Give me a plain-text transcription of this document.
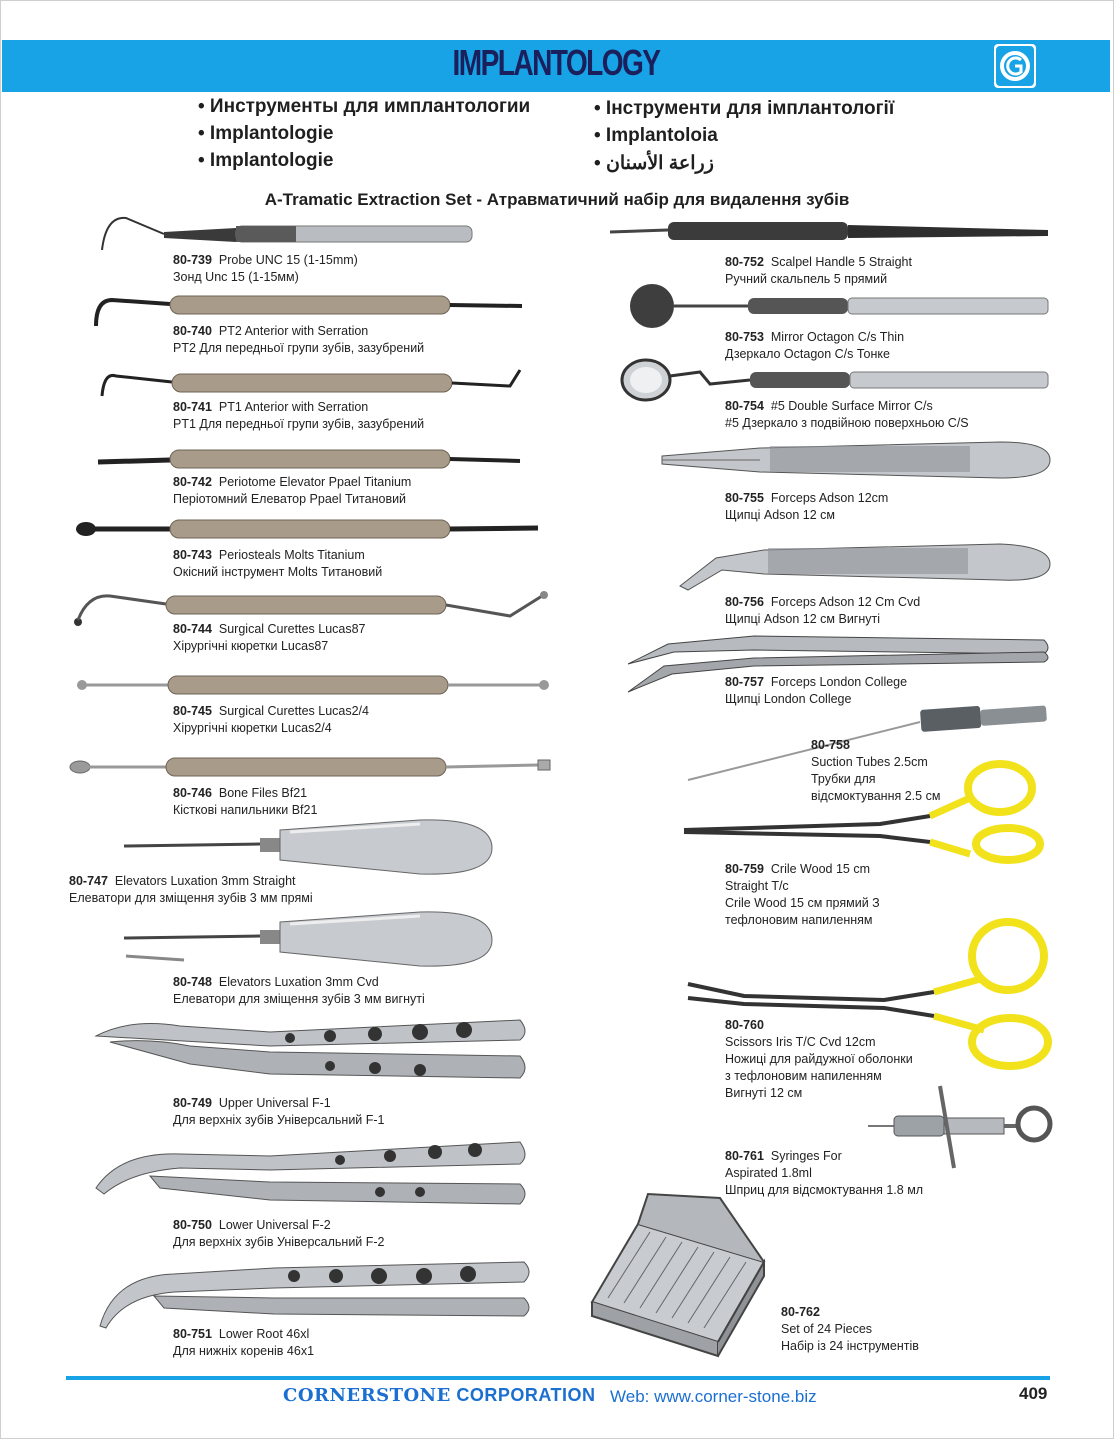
IMPLANTOLOGY
• Инструменты для имплантологии
• Implantologie
• Implantologie
• Інструменти для імплантології
• Implantoloia
• زراعة الأسنان
A-Tramatic Extraction Set - Атравматичний набір для видалення зубів
80-739 Probe UNC 15 (1-15mm)
Зонд Unc 15 (1-15мм)
80-740 PT2 Anterior with Serration
PT2 Для передньої групи зубів, зазубрений
80-741 PT1 Anterior with Serration
PT1 Для передньої групи зубів, зазубрений
80-742 Periotome Elevator Ppael Titanium
Періотомний Елеватор Ppael Титановий
80-743 Periosteals Molts Titanium
Окісний інструмент Molts Титановий
80-744 Surgical Curettes Lucas87
Хірургічні кюретки Lucas87
80-745 Surgical Curettes Lucas2/4
Хірургічні кюретки Lucas2/4
80-746 Bone Files Bf21
Кісткові напильники Bf21
80-747 Elevators Luxation 3mm Straight
Елеватори для зміщення зубів 3 мм прямі
80-748 Elevators Luxation 3mm Cvd
Елеватори для зміщення зубів 3 мм вигнуті
80-749 Upper Universal F-1
Для верхніх зубів Універсальний F-1
80-750 Lower Universal F-2
Для верхніх зубів Універсальний F-2
80-751 Lower Root 46xl
Для нижніх коренів 46х1
80-752 Scalpel Handle 5 Straight
Ручний скальпель 5 прямий
80-753 Mirror Octagon C/s Thin
Дзеркало Octagon C/s Тонке
80-754 #5 Double Surface Mirror C/s
#5 Дзеркало з подвійною поверхньою C/S
80-755 Forceps Adson 12cm
Щипці Adson 12 см
80-756 Forceps Adson 12 Cm Cvd
Щипці Adson 12 см Вигнуті
80-757 Forceps London College
Щипці London College
80-758
Suction Tubes 2.5cm
Трубки для
відсмоктування 2.5 см
80-759 Crile Wood 15 cm
Straight T/c
Crile Wood 15 см прямий З
тефлоновим напиленням
80-760
Scissors Iris T/C Cvd 12cm
Ножиці для райдужної оболонки
з тефлоновим напиленням
Вигнуті 12 см
80-761 Syringes For
Aspirated 1.8ml
Шприц для відсмоктування 1.8 мл
80-762
Set of 24 Pieces
Набір із 24 інструментів
CORNERSTONE CORPORATION Web: www.corner-stone.biz	409
